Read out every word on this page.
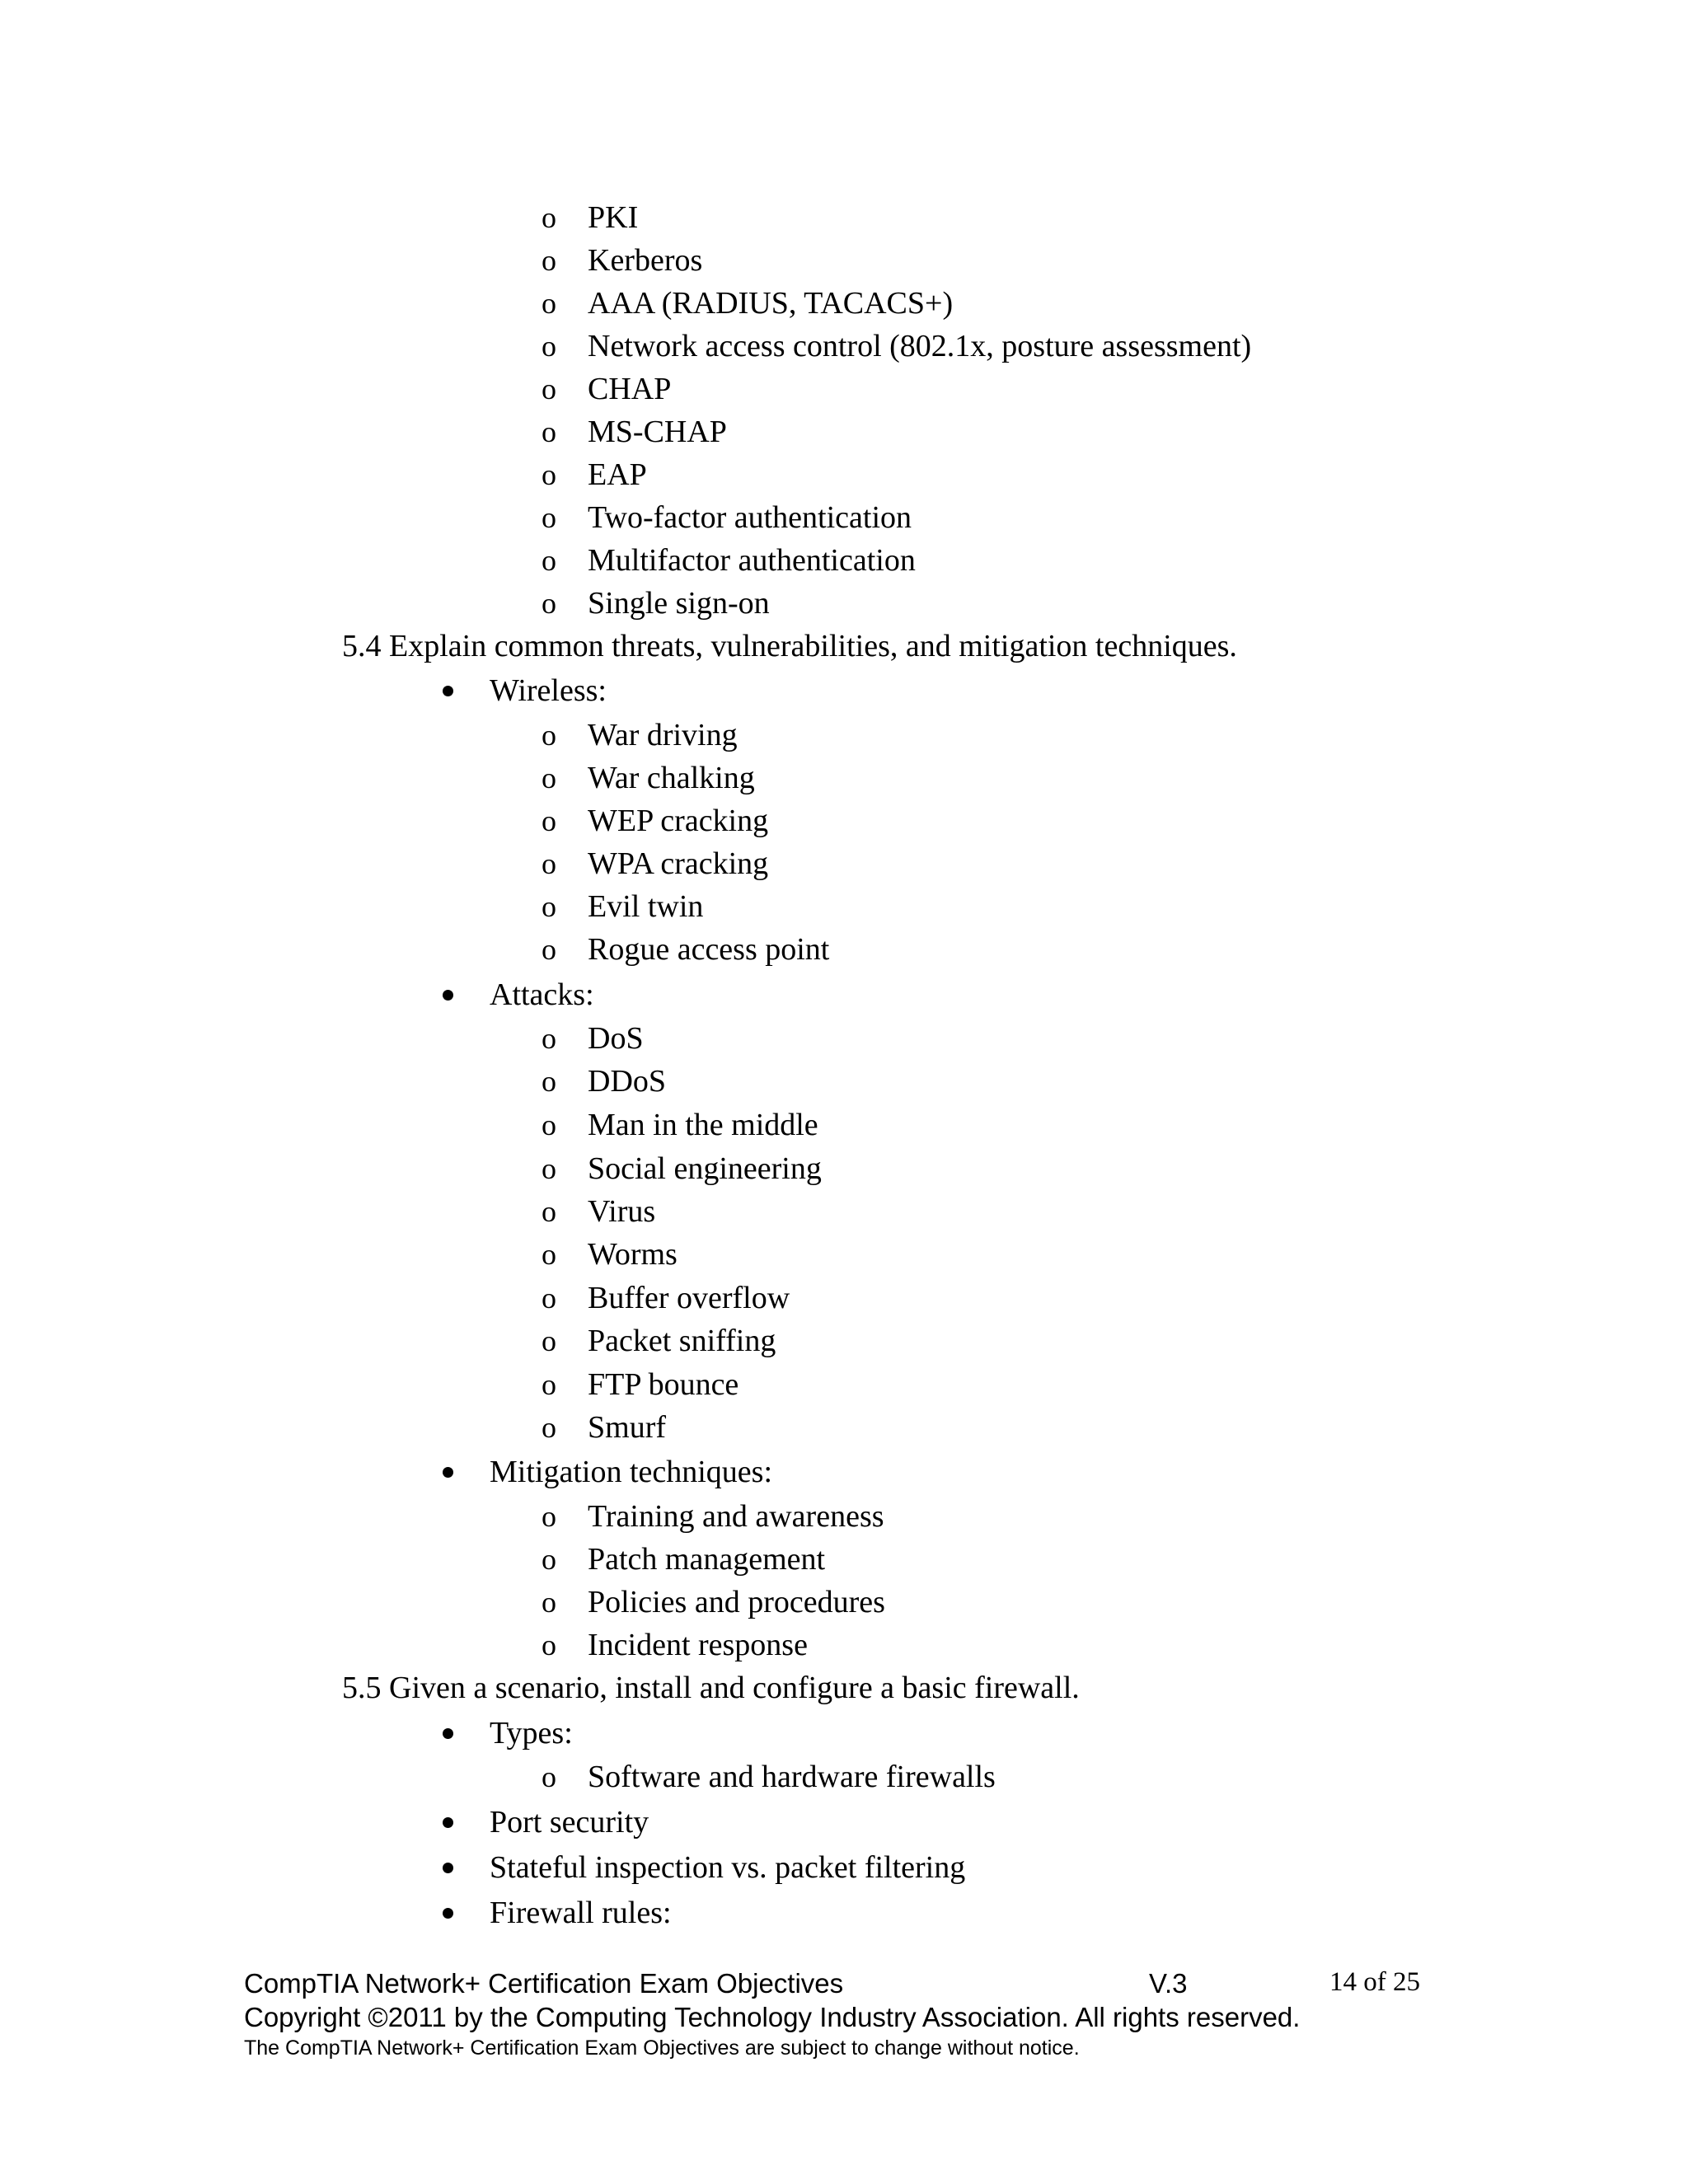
o PKI
o Kerberos
o AAA (RADIUS, TACACS+)
o Network access control (802.1x, posture assessment)
o CHAP
o MS-CHAP
o EAP
o Two-factor authentication
o Multifactor authentication
o Single sign-on
5.4 Explain common threats, vulnerabilities, and mitigation techniques.
Wireless:
o War driving
o War chalking
o WEP cracking
o WPA cracking
o Evil twin
o Rogue access point
Attacks:
o DoS
o DDoS
o Man in the middle
o Social engineering
o Virus
o Worms
o Buffer overflow
o Packet sniffing
o FTP bounce
o Smurf
Mitigation techniques:
o Training and awareness
o Patch management
o Policies and procedures
o Incident response
5.5 Given a scenario, install and configure a basic firewall.
Types:
o Software and hardware firewalls
Port security
Stateful inspection vs. packet filtering
Firewall rules:
CompTIA Network+ Certification Exam Objectives	V.3	14 of 25
Copyright ©2011 by the Computing Technology Industry Association. All rights reserved.
The CompTIA Network+ Certification Exam Objectives are subject to change without notice.
